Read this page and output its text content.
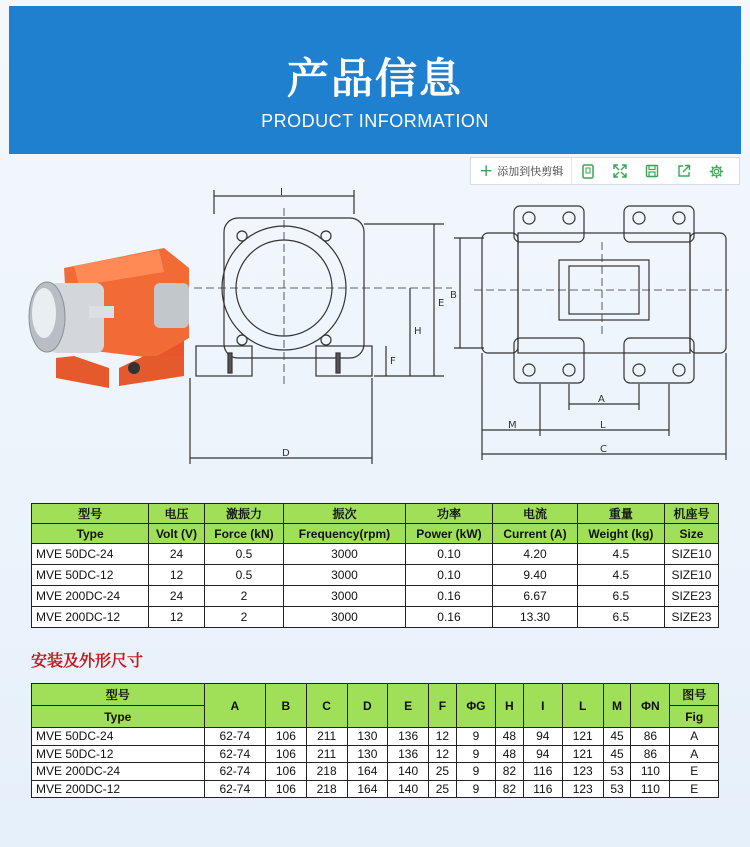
产品信息
PRODUCT INFORMATION
+ 添加到快剪辑
I
D
E
H
F
B
A
M	L
C
型号	电压	激振力	振次	功率	电流	重量	机座号
Type	Volt (V)	Force (kN)	Frequency(rpm)	Power (kW)	Current (A)	Weight (kg)	Size
MVE 50DC-24	24	0.5	3000	0.10	4.20	4.5	SIZE10
MVE 50DC-12	12	0.5	3000	0.10	9.40	4.5	SIZE10
MVE 200DC-24	24	2	3000	0.16	6.67	6.5	SIZE23
MVE 200DC-12	12	2	3000	0.16	13.30	6.5	SIZE23
安装及外形尺寸
型号	A	B	C	D	E	F	ΦG	H	I	L	M	ΦN	图号
Type													Fig
MVE 50DC-24	62-74	106	211	130	136	12	9	48	94	121	45	86	A
MVE 50DC-12	62-74	106	211	130	136	12	9	48	94	121	45	86	A
MVE 200DC-24	62-74	106	218	164	140	25	9	82	116	123	53	110	E
MVE 200DC-12	62-74	106	218	164	140	25	9	82	116	123	53	110	E
